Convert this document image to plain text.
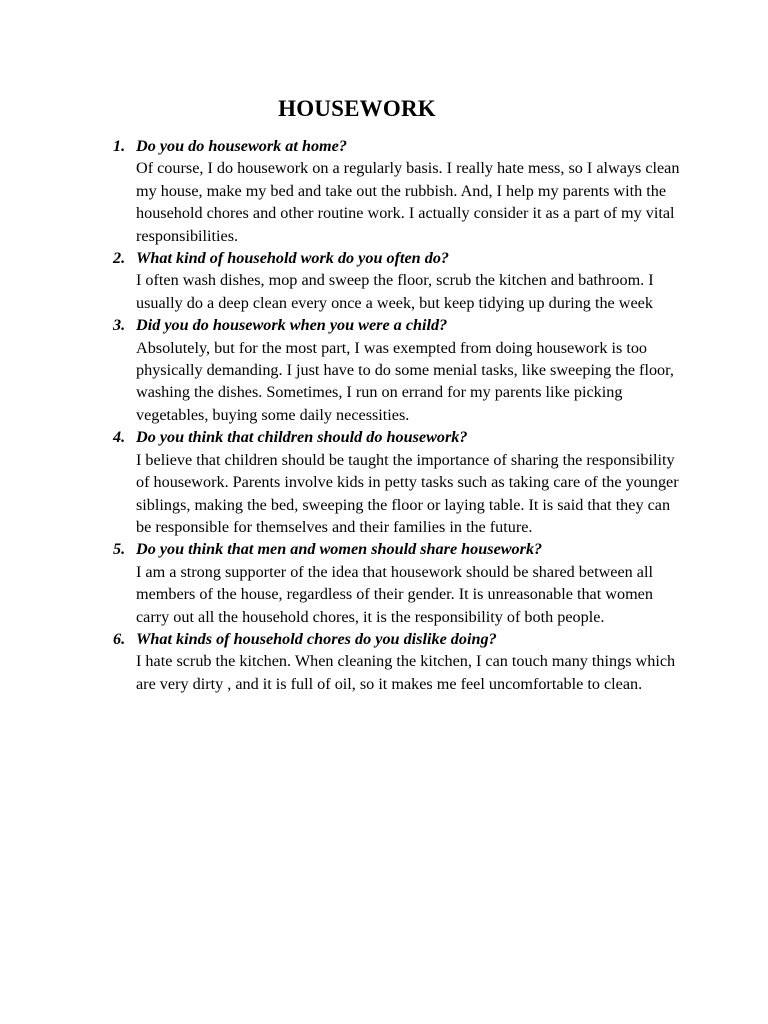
HOUSEWORK
1. Do you do housework at home?
Of course, I do housework on a regularly basis. I really hate mess, so I always clean my house, make my bed and take out the rubbish. And, I help my parents with the household chores and other routine work. I actually consider it as a part of my vital responsibilities.
2. What kind of household work do you often do?
I often wash dishes, mop and sweep the floor, scrub the kitchen and bathroom. I usually do a deep clean every once a week, but keep tidying up during the week
3. Did you do housework when you were a child?
Absolutely, but for the most part, I was exempted from doing housework is too physically demanding. I just have to do some menial tasks, like sweeping the floor, washing the dishes. Sometimes, I run on errand for my parents like picking vegetables, buying some daily necessities.
4. Do you think that children should do housework?
I believe that children should be taught the importance of sharing the responsibility of housework. Parents involve kids in petty tasks such as taking care of the younger siblings, making the bed, sweeping the floor or laying table. It is said that they can be responsible for themselves and their families in the future.
5. Do you think that men and women should share housework?
I am a strong supporter of the idea that housework should be shared between all members of the house, regardless of their gender. It is unreasonable that women carry out all the household chores, it is the responsibility of both people.
6. What kinds of household chores do you dislike doing?
I hate scrub the kitchen. When cleaning the kitchen, I can touch many things which are very dirty , and it is full of oil, so it makes me feel uncomfortable to clean.
